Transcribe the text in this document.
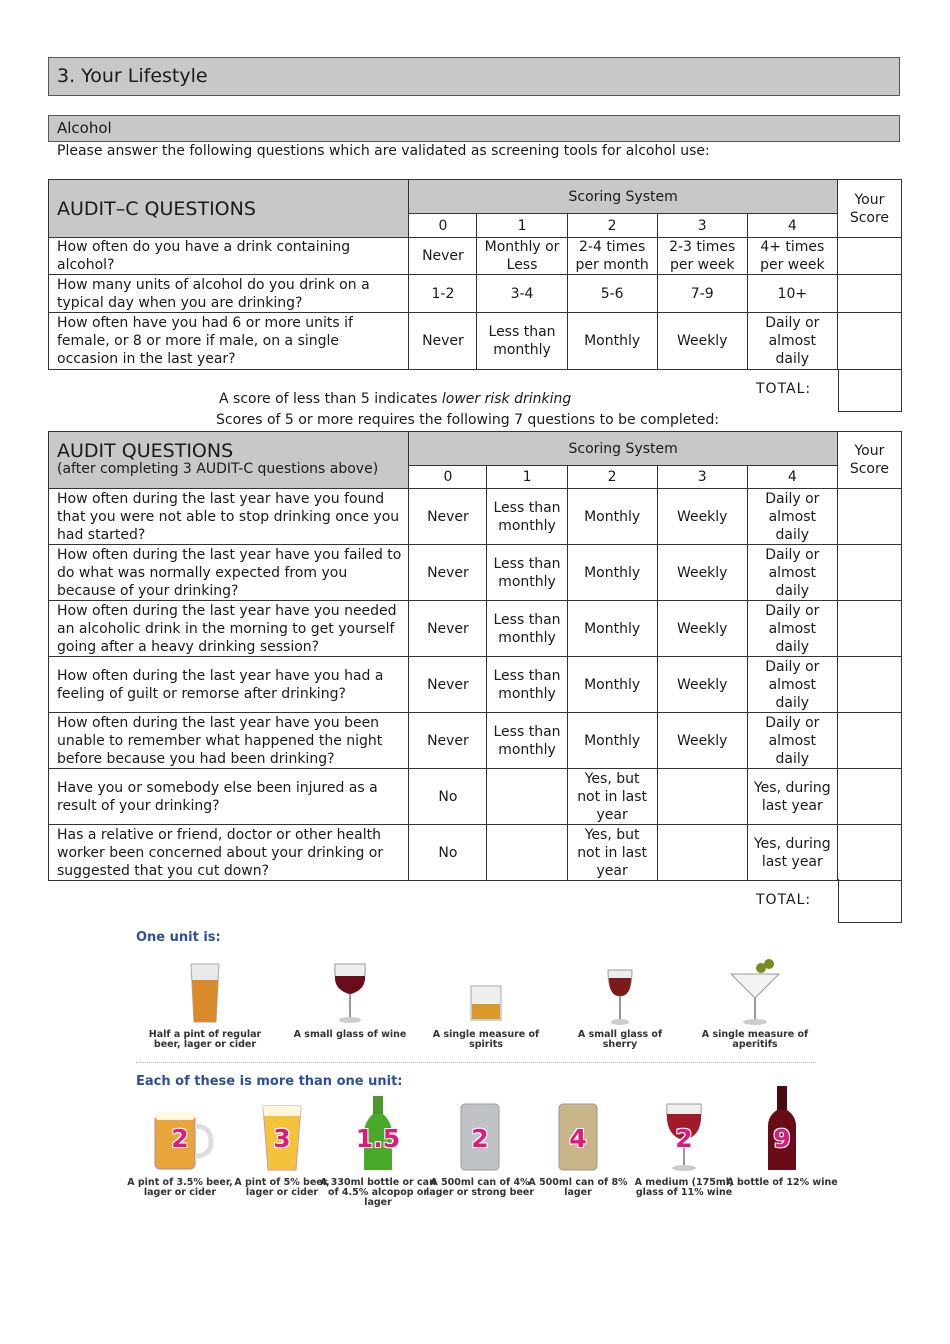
3. Your Lifestyle
Alcohol
Please answer the following questions which are validated as screening tools for alcohol use:
AUDIT–C QUESTIONS	Scoring System					Your Score
	0	1	2	3	4	
How often do you have a drink containing alcohol?	Never	Monthly or Less	2-4 times per month	2-3 times per week	4+ times per week	
How many units of alcohol do you drink on a typical day when you are drinking?	1-2	3-4	5-6	7-9	10+	
How often have you had 6 or more units if female, or 8 or more if male, on a single occasion in the last year?	Never	Less than monthly	Monthly	Weekly	Daily or almost daily	
TOTAL:
A score of less than 5 indicates lower risk drinking
Scores of 5 or more requires the following 7 questions to be completed:
AUDIT QUESTIONS
(after completing 3 AUDIT-C questions above)	Scoring System					Your Score
	0	1	2	3	4	
How often during the last year have you found that you were not able to stop drinking once you had started?	Never	Less than monthly	Monthly	Weekly	Daily or almost daily	
How often during the last year have you failed to do what was normally expected from you because of your drinking?	Never	Less than monthly	Monthly	Weekly	Daily or almost daily	
How often during the last year have you needed an alcoholic drink in the morning to get yourself going after a heavy drinking session?	Never	Less than monthly	Monthly	Weekly	Daily or almost daily	
How often during the last year have you had a feeling of guilt or remorse after drinking?	Never	Less than monthly	Monthly	Weekly	Daily or almost daily	
How often during the last year have you been unable to remember what happened the night before because you had been drinking?	Never	Less than monthly	Monthly	Weekly	Daily or almost daily	
Have you or somebody else been injured as a result of your drinking?	No		Yes, but not in last year		Yes, during last year	
Has a relative or friend, doctor or other health worker been concerned about your drinking or suggested that you cut down?	No		Yes, but not in last year		Yes, during last year	
TOTAL:
One unit is:
Each of these is more than one unit:
Half a pint of regular beer, lager or cider
A small glass of wine	A single measure of spirits
A small glass of sherry
A single measure of aperitifs
2
A pint of 3.5% beer, lager or cider
3
A pint of 5% beer, lager or cider
1.5
A 330ml bottle or can of 4.5% alcopop or lager
2
A 500ml can of 4% lager or strong beer
4
A 500ml can of 8% lager
2
A medium (175ml) glass of 11% wine
9
A bottle of 12% wine
